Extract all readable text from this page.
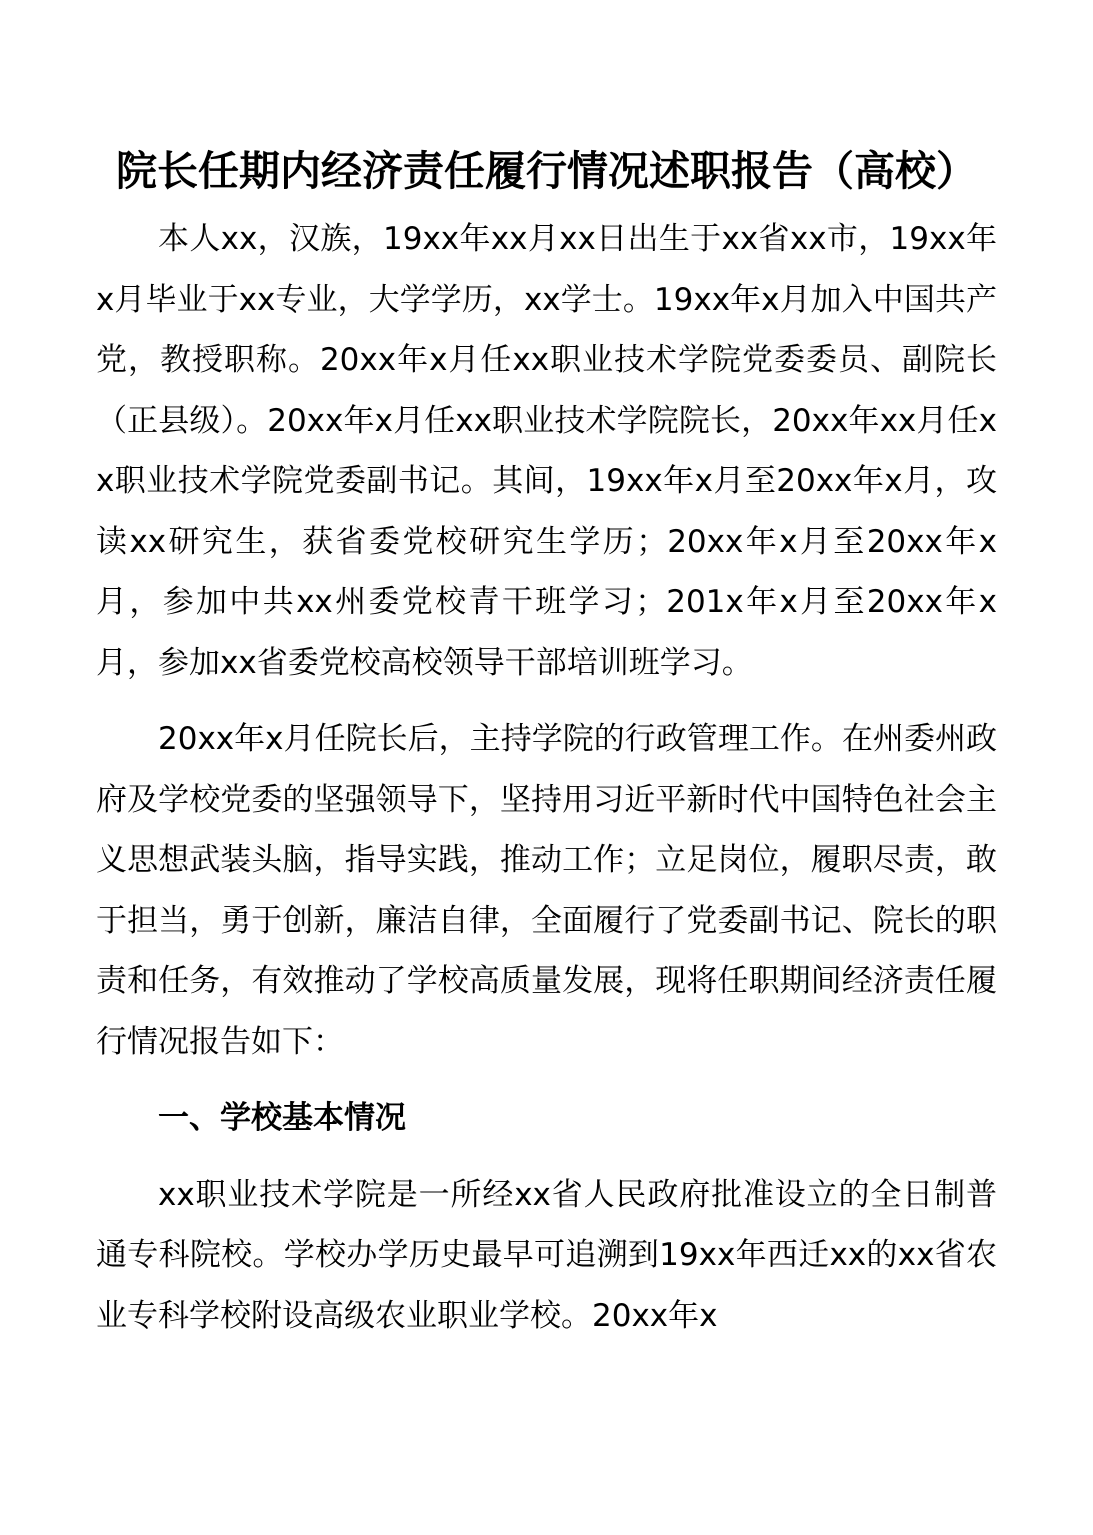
院长任期内经济责任履行情况述职报告（高校）

本人xx，汉族，19xx年xx月xx日出生于xx省xx市，19xx年x月毕业于xx专业，大学学历，xx学士。19xx年x月加入中国共产党，教授职称。20xx年x月任xx职业技术学院党委委员、副院长（正县级）。20xx年x月任xx职业技术学院院长，20xx年xx月任xx职业技术学院党委副书记。其间，19xx年x月至20xx年x月，攻读xx研究生，获省委党校研究生学历；20xx年x月至20xx年x月，参加中共xx州委党校青干班学习；201x年x月至20xx年x月，参加xx省委党校高校领导干部培训班学习。

20xx年x月任院长后，主持学院的行政管理工作。在州委州政府及学校党委的坚强领导下，坚持用习近平新时代中国特色社会主义思想武装头脑，指导实践，推动工作；立足岗位，履职尽责，敢于担当，勇于创新，廉洁自律，全面履行了党委副书记、院长的职责和任务，有效推动了学校高质量发展，现将任职期间经济责任履行情况报告如下：

一、学校基本情况

xx职业技术学院是一所经xx省人民政府批准设立的全日制普通专科院校。学校办学历史最早可追溯到19xx年西迁xx的xx省农业专科学校附设高级农业职业学校。20xx年x
